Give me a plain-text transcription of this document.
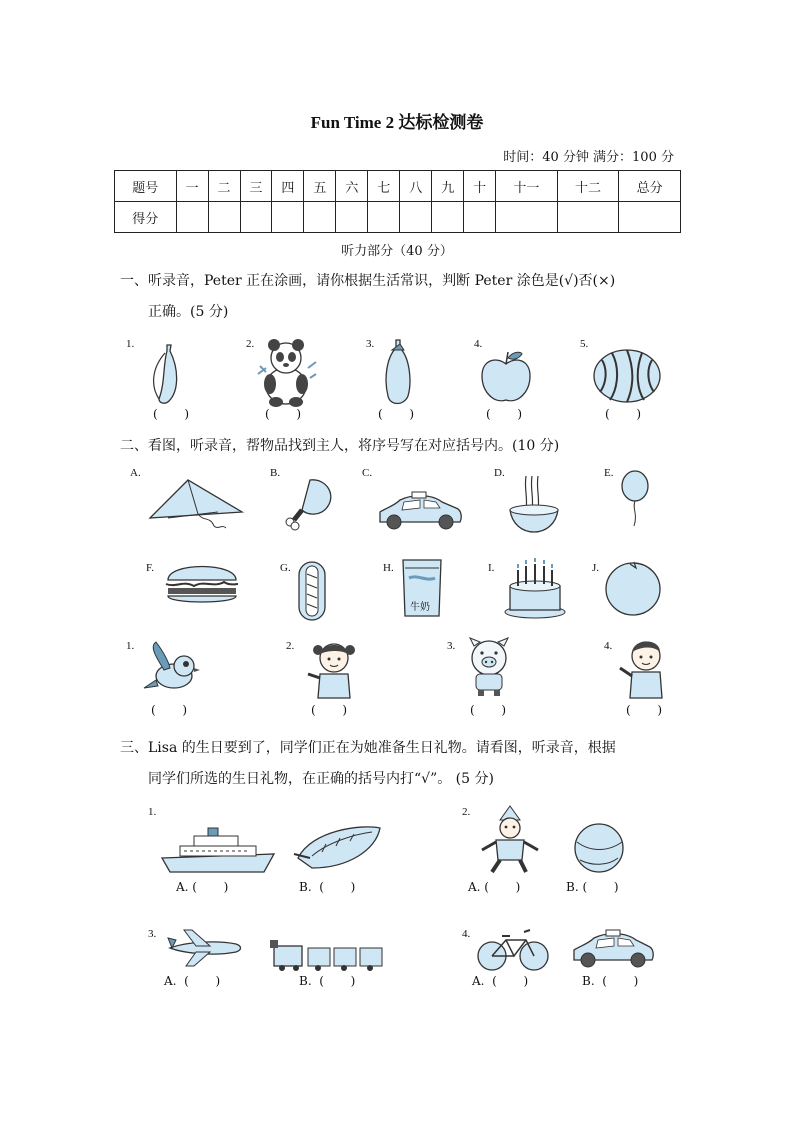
Fun Time 2 达标检测卷
时间：40 分钟 满分：100 分
题号	一	二	三	四	五	六	七	八	九	十	十一	十二	总分
得分													
听力部分（40 分）
一、听录音，Peter 正在涂画，请你根据生活常识，判断 Peter 涂色是(√)否(×)
正确。(5 分)
1.
(       )
2.
(       )
3.
(       )
4.
(       )
5.
(       )
二、看图，听录音，帮物品找到主人，将序号写在对应括号内。(10 分)
A.	B.	C.	D.	E.
F.	G.	H.
牛奶
I.	J.
1.
(       )
2.
(       )
3.
(       )
4.
(       )
三、Lisa 的生日要到了，同学们正在为她准备生日礼物。请看图，听录音，根据
同学们所选的生日礼物，在正确的括号内打“√”。 (5 分)
1.
A. (       )	B.  (       )
2.
A. (       )	B. (       )
3.
A.  (       )	B.  (       )
4.
A.  (       )	B.  (       )
